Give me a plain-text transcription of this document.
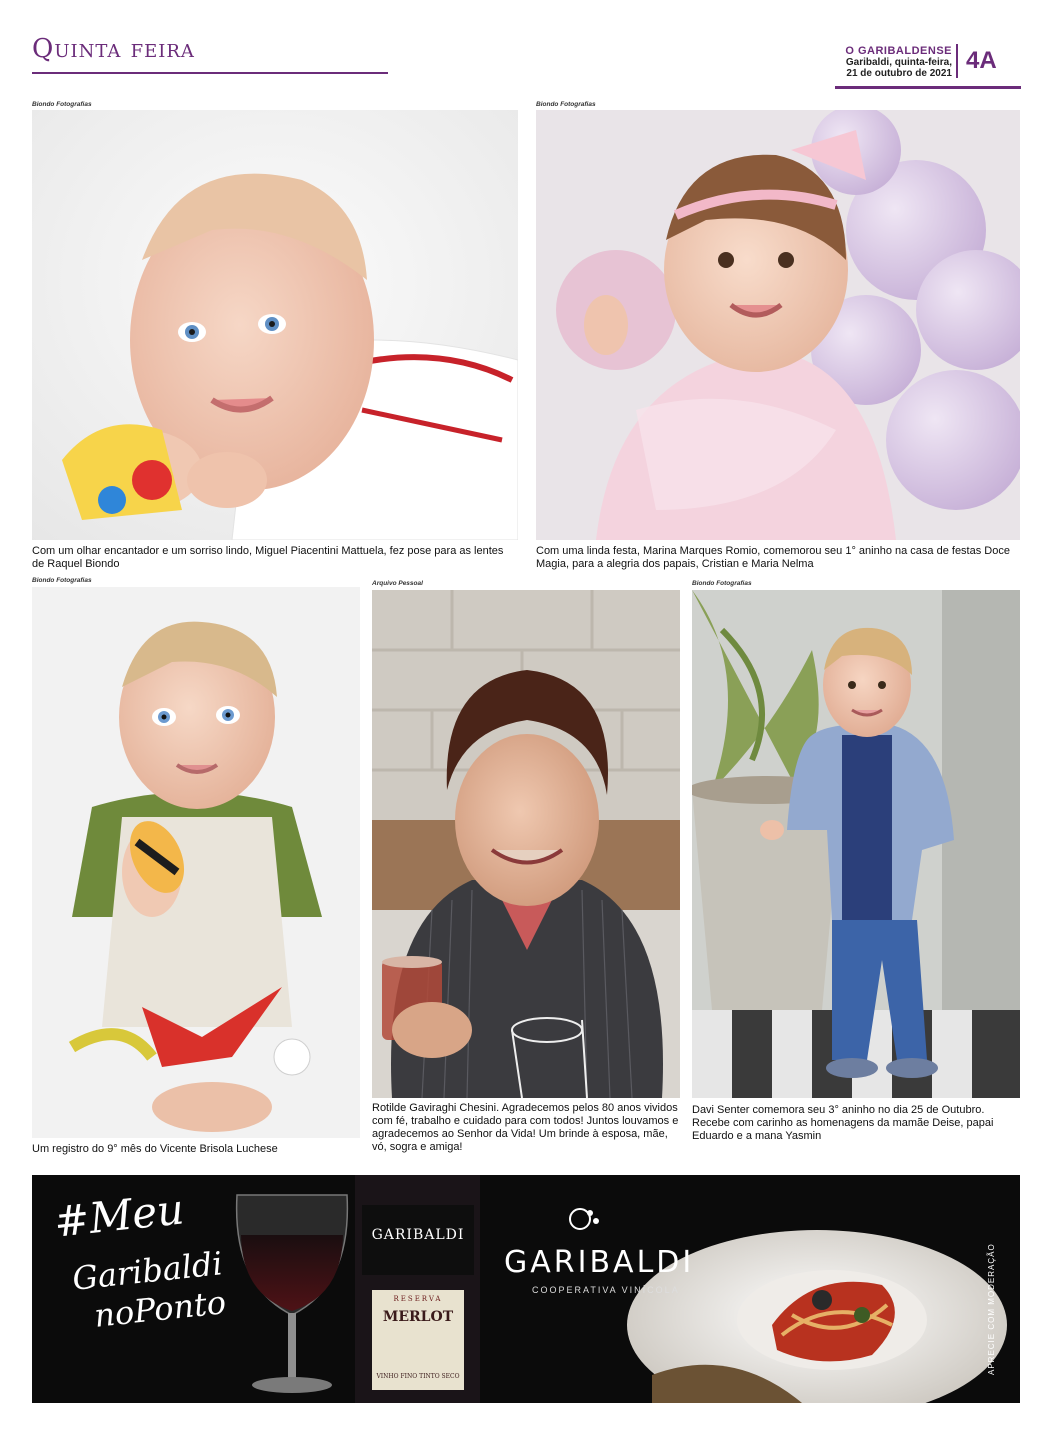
Quinta feira	O GARIBALDENSE
Garibaldi, quinta-feira,
21 de outubro de 2021 4A
Biondo Fotografias
Com um olhar encantador e um sorriso lindo, Miguel Piacentini Mattuela, fez pose para as lentes de Raquel Biondo
Biondo Fotografias
Com uma linda festa, Marina Marques Romio, comemorou seu 1° aninho na casa de festas Doce Magia, para a alegria dos papais, Cristian e Maria Nelma
Biondo Fotografias
Um registro do 9° mês do Vicente Brisola Luchese
Arquivo Pessoal
Rotilde Gaviraghi Chesini. Agradecemos pelos 80 anos vividos com fé, trabalho e cuidado para com todos! Juntos louvamos e agradecemos ao Senhor da Vida! Um brinde à esposa, mãe, vó, sogra e amiga!
Biondo Fotografias
Davi Senter comemora seu 3° aninho no dia 25 de Outubro. Recebe com carinho as homenagens da mamãe Deise, papai Eduardo e a mana Yasmin
#Meu
Garibaldi
noPonto
GARIBALDI
RESERVA
MERLOT
VINHO FINO TINTO SECO
GARIBALDI
COOPERATIVA VINÍCOLA	APRECIE COM MODERAÇÃO
